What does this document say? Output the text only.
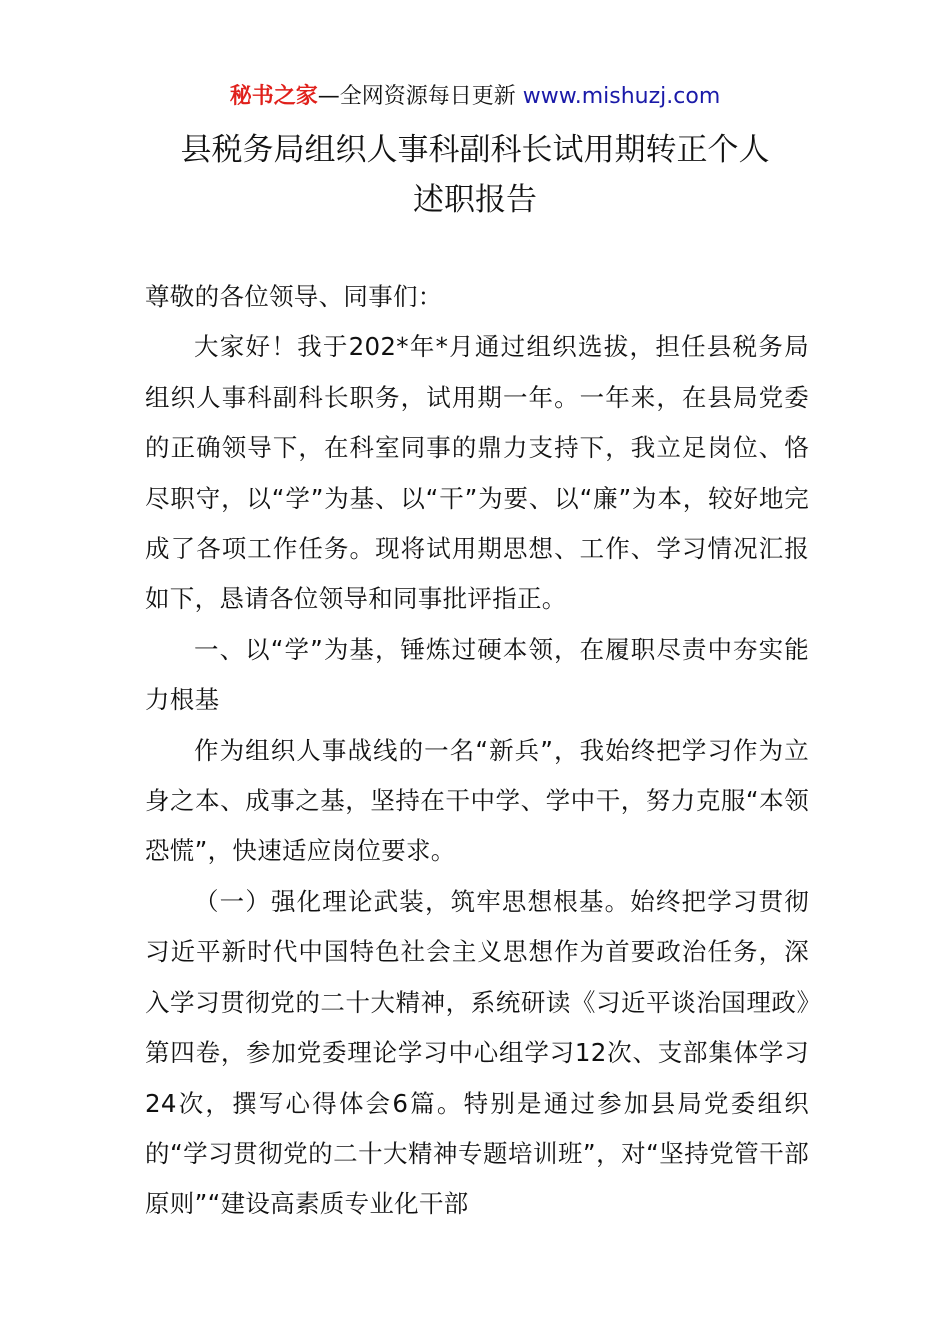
秘书之家—全网资源每日更新 www.mishuzj.com
县税务局组织人事科副科长试用期转正个人
述职报告

尊敬的各位领导、同事们：

大家好！我于202*年*月通过组织选拔，担任县税务局组织人事科副科长职务，试用期一年。一年来，在县局党委的正确领导下，在科室同事的鼎力支持下，我立足岗位、恪尽职守，以“学”为基、以“干”为要、以“廉”为本，较好地完成了各项工作任务。现将试用期思想、工作、学习情况汇报如下，恳请各位领导和同事批评指正。

一、以“学”为基，锤炼过硬本领，在履职尽责中夯实能力根基

作为组织人事战线的一名“新兵”，我始终把学习作为立身之本、成事之基，坚持在干中学、学中干，努力克服“本领恐慌”，快速适应岗位要求。

（一）强化理论武装，筑牢思想根基。始终把学习贯彻习近平新时代中国特色社会主义思想作为首要政治任务，深入学习贯彻党的二十大精神，系统研读《习近平谈治国理政》第四卷，参加党委理论学习中心组学习12次、支部集体学习24次，撰写心得体会6篇。特别是通过参加县局党委组织的“学习贯彻党的二十大精神专题培训班”，对“坚持党管干部原则”“建设高素质专业化干部
